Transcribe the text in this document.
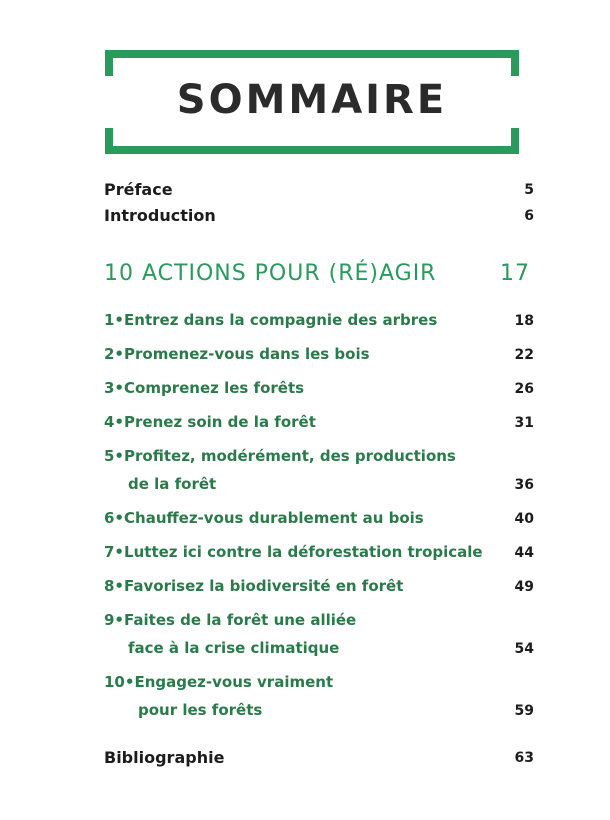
SOMMAIRE
Préface	5
Introduction	6
10 ACTIONS POUR (RÉ)AGIR	17
1•Entrez dans la compagnie des arbres	18
2•Promenez-vous dans les bois	22
3•Comprenez les forêts	26
4•Prenez soin de la forêt	31
5•Profitez, modérément, des productions
de la forêt	36
6•Chauffez-vous durablement au bois	40
7•Luttez ici contre la déforestation tropicale 44
8•Favorisez la biodiversité en forêt	49
9•Faites de la forêt une alliée
face à la crise climatique	54
10•Engagez-vous vraiment
pour les forêts	59
Bibliographie	63
